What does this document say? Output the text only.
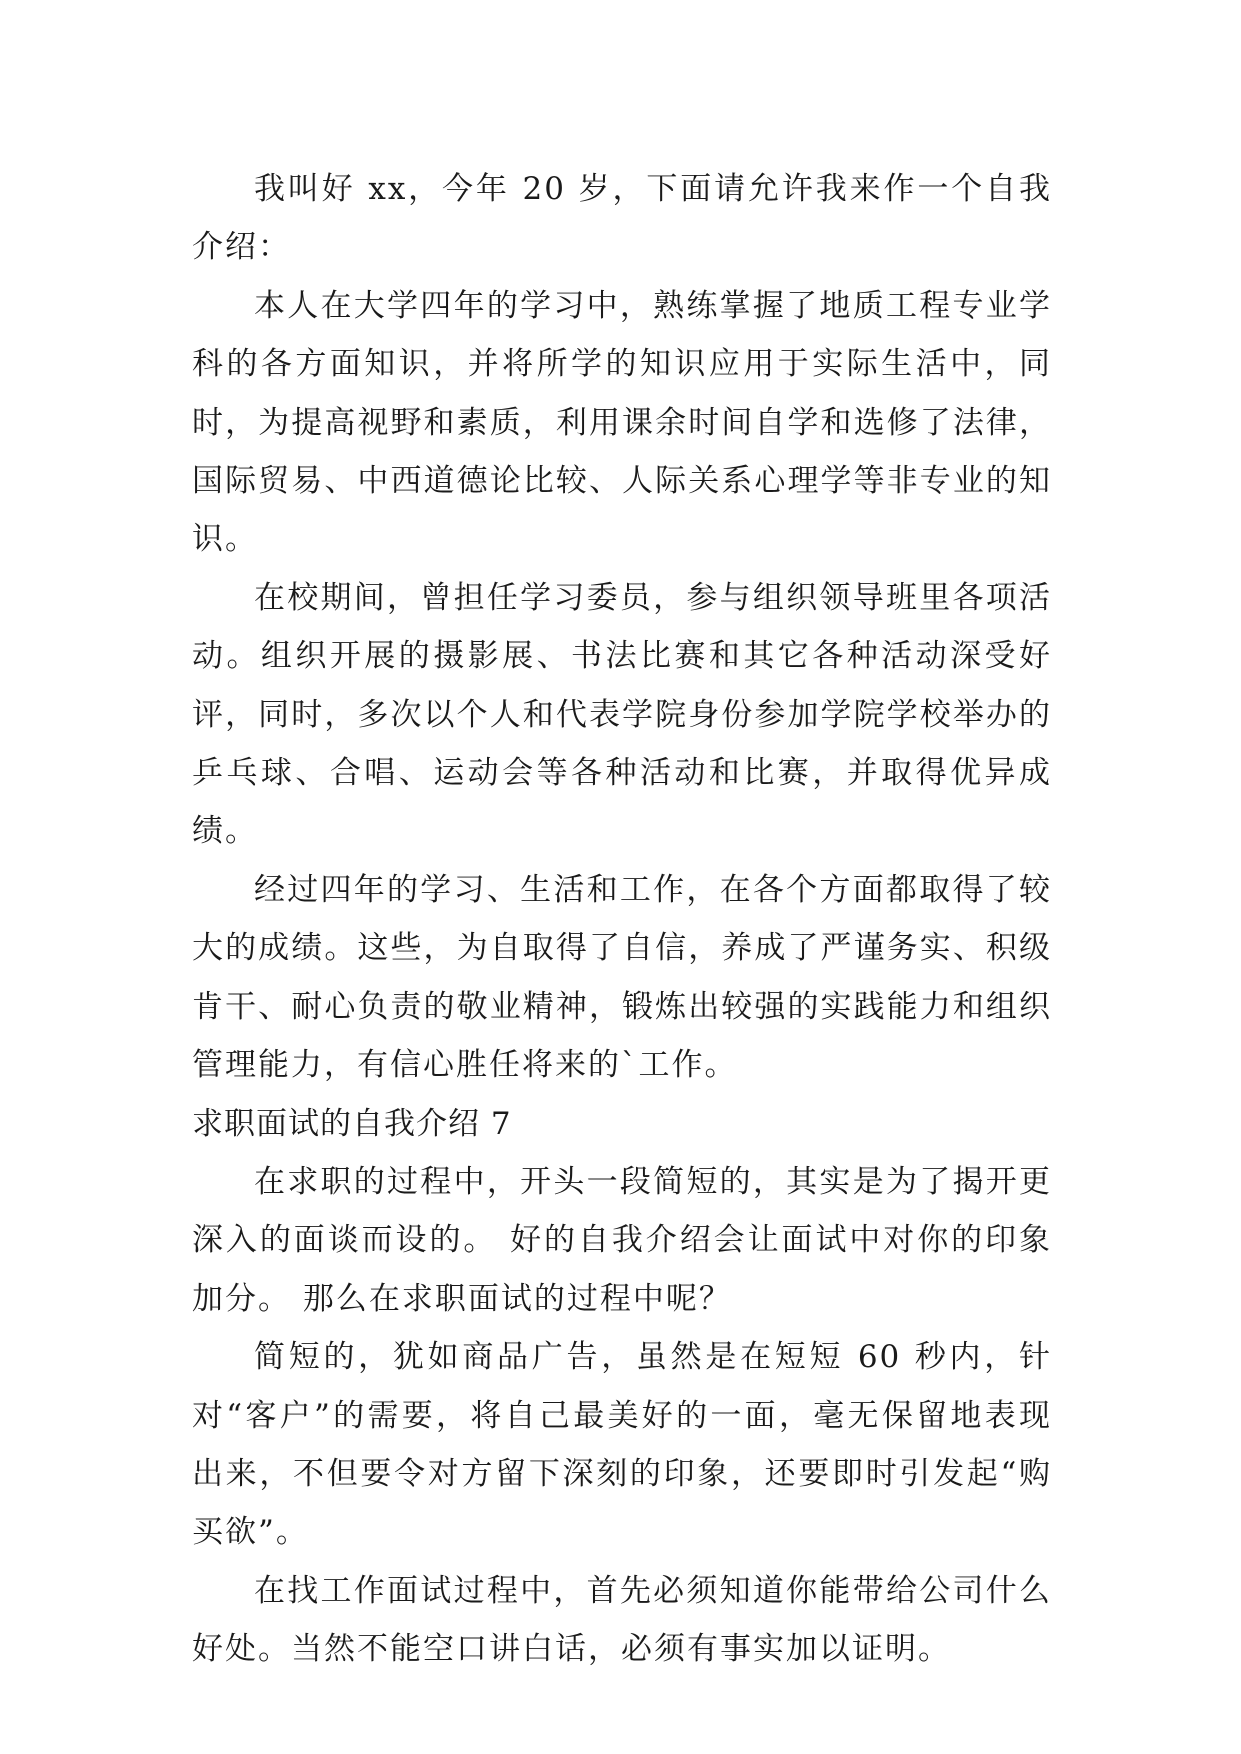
我叫好 xx，今年 20 岁，下面请允许我来作一个自我介绍：

本人在大学四年的学习中，熟练掌握了地质工程专业学科的各方面知识，并将所学的知识应用于实际生活中，同时，为提高视野和素质，利用课余时间自学和选修了法律，国际贸易、中西道德论比较、人际关系心理学等非专业的知识。

在校期间，曾担任学习委员，参与组织领导班里各项活动。组织开展的摄影展、书法比赛和其它各种活动深受好评，同时，多次以个人和代表学院身份参加学院学校举办的乒乓球、合唱、运动会等各种活动和比赛，并取得优异成绩。

经过四年的学习、生活和工作，在各个方面都取得了较大的成绩。这些，为自取得了自信，养成了严谨务实、积级肯干、耐心负责的敬业精神，锻炼出较强的实践能力和组织管理能力，有信心胜任将来的`工作。

求职面试的自我介绍 7

在求职的过程中，开头一段简短的，其实是为了揭开更深入的面谈而设的。 好的自我介绍会让面试中对你的印象加分。 那么在求职面试的过程中呢？

简短的，犹如商品广告，虽然是在短短 60 秒内，针对“客户”的需要，将自己最美好的一面，毫无保留地表现出来，不但要令对方留下深刻的印象，还要即时引发起“购买欲”。

在找工作面试过程中，首先必须知道你能带给公司什么好处。当然不能空口讲白话，必须有事实加以证明。
